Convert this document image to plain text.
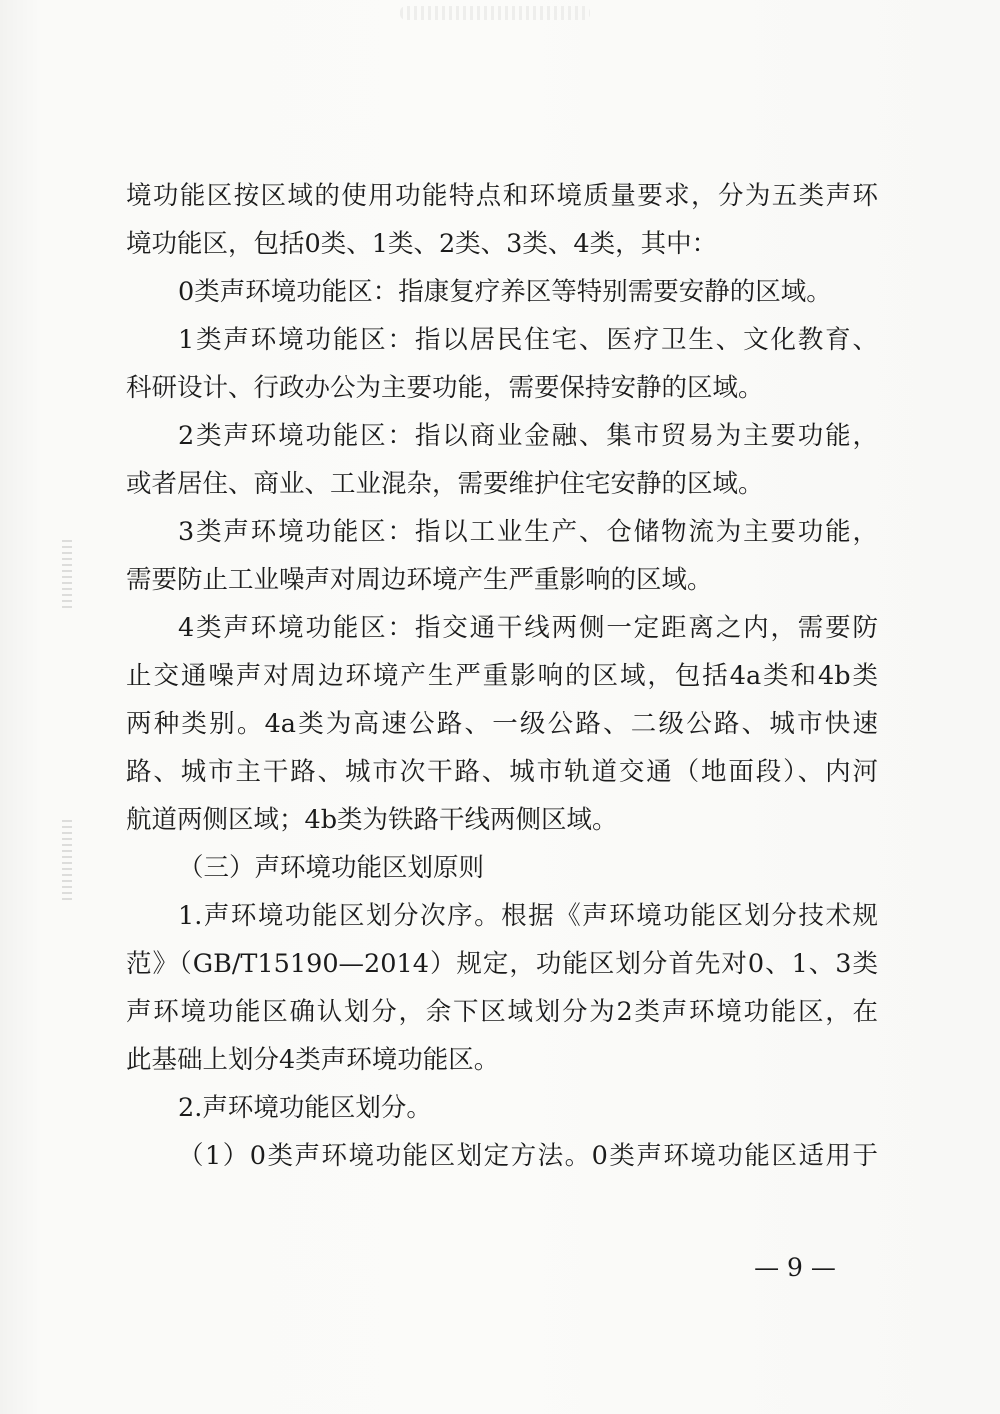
境功能区按区域的使用功能特点和环境质量要求，分为五类声环
境功能区，包括0类、1类、2类、3类、4类，其中：
0类声环境功能区：指康复疗养区等特别需要安静的区域。
1类声环境功能区：指以居民住宅、医疗卫生、文化教育、
科研设计、行政办公为主要功能，需要保持安静的区域。
2类声环境功能区：指以商业金融、集市贸易为主要功能，
或者居住、商业、工业混杂，需要维护住宅安静的区域。
3类声环境功能区：指以工业生产、仓储物流为主要功能，
需要防止工业噪声对周边环境产生严重影响的区域。
4类声环境功能区：指交通干线两侧一定距离之内，需要防
止交通噪声对周边环境产生严重影响的区域，包括4a类和4b类
两种类别。4a类为高速公路、一级公路、二级公路、城市快速
路、城市主干路、城市次干路、城市轨道交通（地面段）、内河
航道两侧区域；4b类为铁路干线两侧区域。
（三）声环境功能区划原则
1.声环境功能区划分次序。根据《声环境功能区划分技术规
范》（GB/T15190—2014）规定，功能区划分首先对0、1、3类
声环境功能区确认划分，余下区域划分为2类声环境功能区，在
此基础上划分4类声环境功能区。
2.声环境功能区划分。
（1）0类声环境功能区划定方法。0类声环境功能区适用于
— 9 —
